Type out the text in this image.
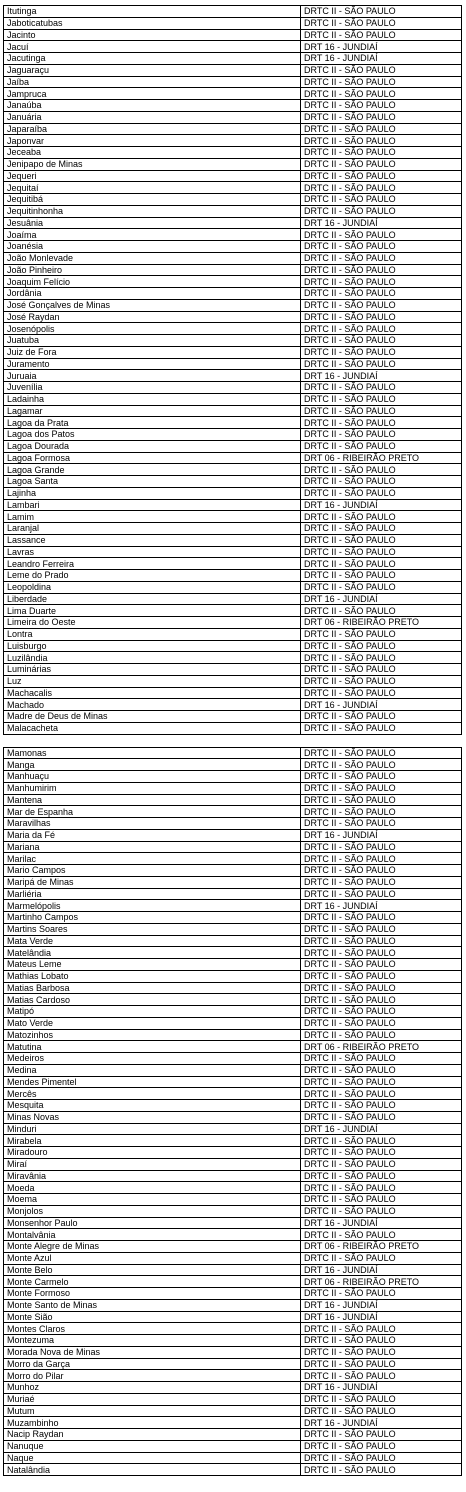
Itutinga	DRTC II - SÃO PAULO
Jaboticatubas	DRTC II - SÃO PAULO
Jacinto	DRTC II - SÃO PAULO
Jacuí	DRT 16 - JUNDIAÍ
Jacutinga	DRT 16 - JUNDIAÍ
Jaguaraçu	DRTC II - SÃO PAULO
Jaíba	DRTC II - SÃO PAULO
Jampruca	DRTC II - SÃO PAULO
Janaúba	DRTC II - SÃO PAULO
Januária	DRTC II - SÃO PAULO
Japaraíba	DRTC II - SÃO PAULO
Japonvar	DRTC II - SÃO PAULO
Jeceaba	DRTC II - SÃO PAULO
Jenipapo de Minas	DRTC II - SÃO PAULO
Jequeri	DRTC II - SÃO PAULO
Jequitaí	DRTC II - SÃO PAULO
Jequitibá	DRTC II - SÃO PAULO
Jequitinhonha	DRTC II - SÃO PAULO
Jesuânia	DRT 16 - JUNDIAÍ
Joaíma	DRTC II - SÃO PAULO
Joanésia	DRTC II - SÃO PAULO
João Monlevade	DRTC II - SÃO PAULO
João Pinheiro	DRTC II - SÃO PAULO
Joaquim Felício	DRTC II - SÃO PAULO
Jordânia	DRTC II - SÃO PAULO
José Gonçalves de Minas	DRTC II - SÃO PAULO
José Raydan	DRTC II - SÃO PAULO
Josenópolis	DRTC II - SÃO PAULO
Juatuba	DRTC II - SÃO PAULO
Juiz de Fora	DRTC II - SÃO PAULO
Juramento	DRTC II - SÃO PAULO
Juruaia	DRT 16 - JUNDIAÍ
Juvenília	DRTC II - SÃO PAULO
Ladainha	DRTC II - SÃO PAULO
Lagamar	DRTC II - SÃO PAULO
Lagoa da Prata	DRTC II - SÃO PAULO
Lagoa dos Patos	DRTC II - SÃO PAULO
Lagoa Dourada	DRTC II - SÃO PAULO
Lagoa Formosa	DRT 06 - RIBEIRÃO PRETO
Lagoa Grande	DRTC II - SÃO PAULO
Lagoa Santa	DRTC II - SÃO PAULO
Lajinha	DRTC II - SÃO PAULO
Lambari	DRT 16 - JUNDIAÍ
Lamim	DRTC II - SÃO PAULO
Laranjal	DRTC II - SÃO PAULO
Lassance	DRTC II - SÃO PAULO
Lavras	DRTC II - SÃO PAULO
Leandro Ferreira	DRTC II - SÃO PAULO
Leme do Prado	DRTC II - SÃO PAULO
Leopoldina	DRTC II - SÃO PAULO
Liberdade	DRT 16 - JUNDIAÍ
Lima Duarte	DRTC II - SÃO PAULO
Limeira do Oeste	DRT 06 - RIBEIRÃO PRETO
Lontra	DRTC II - SÃO PAULO
Luisburgo	DRTC II - SÃO PAULO
Luzilândia	DRTC II - SÃO PAULO
Luminárias	DRTC II - SÃO PAULO
Luz	DRTC II - SÃO PAULO
Machacalis	DRTC II - SÃO PAULO
Machado	DRT 16 - JUNDIAÍ
Madre de Deus de Minas	DRTC II - SÃO PAULO
Malacacheta	DRTC II - SÃO PAULO
Mamonas	DRTC II - SÃO PAULO
Manga	DRTC II - SÃO PAULO
Manhuaçu	DRTC II - SÃO PAULO
Manhumirim	DRTC II - SÃO PAULO
Mantena	DRTC II - SÃO PAULO
Mar de Espanha	DRTC II - SÃO PAULO
Maravilhas	DRTC II - SÃO PAULO
Maria da Fé	DRT 16 - JUNDIAÍ
Mariana	DRTC II - SÃO PAULO
Marilac	DRTC II - SÃO PAULO
Mario Campos	DRTC II - SÃO PAULO
Maripá de Minas	DRTC II - SÃO PAULO
Marliéria	DRTC II - SÃO PAULO
Marmelópolis	DRT 16 - JUNDIAÍ
Martinho Campos	DRTC II - SÃO PAULO
Martins Soares	DRTC II - SÃO PAULO
Mata Verde	DRTC II - SÃO PAULO
Matelândia	DRTC II - SÃO PAULO
Mateus Leme	DRTC II - SÃO PAULO
Mathias Lobato	DRTC II - SÃO PAULO
Matias Barbosa	DRTC II - SÃO PAULO
Matias Cardoso	DRTC II - SÃO PAULO
Matipó	DRTC II - SÃO PAULO
Mato Verde	DRTC II - SÃO PAULO
Matozinhos	DRTC II - SÃO PAULO
Matutina	DRT 06 - RIBEIRÃO PRETO
Medeiros	DRTC II - SÃO PAULO
Medina	DRTC II - SÃO PAULO
Mendes Pimentel	DRTC II - SÃO PAULO
Mercês	DRTC II - SÃO PAULO
Mesquita	DRTC II - SÃO PAULO
Minas Novas	DRTC II - SÃO PAULO
Minduri	DRT 16 - JUNDIAÍ
Mirabela	DRTC II - SÃO PAULO
Miradouro	DRTC II - SÃO PAULO
Miraí	DRTC II - SÃO PAULO
Miravânia	DRTC II - SÃO PAULO
Moeda	DRTC II - SÃO PAULO
Moema	DRTC II - SÃO PAULO
Monjolos	DRTC II - SÃO PAULO
Monsenhor Paulo	DRT 16 - JUNDIAÍ
Montalvânia	DRTC II - SÃO PAULO
Monte Alegre de Minas	DRT 06 - RIBEIRÃO PRETO
Monte Azul	DRTC II - SÃO PAULO
Monte Belo	DRT 16 - JUNDIAÍ
Monte Carmelo	DRT 06 - RIBEIRÃO PRETO
Monte Formoso	DRTC II - SÃO PAULO
Monte Santo de Minas	DRT 16 - JUNDIAÍ
Monte Sião	DRT 16 - JUNDIAÍ
Montes Claros	DRTC II - SÃO PAULO
Montezuma	DRTC II - SÃO PAULO
Morada Nova de Minas	DRTC II - SÃO PAULO
Morro da Garça	DRTC II - SÃO PAULO
Morro do Pilar	DRTC II - SÃO PAULO
Munhoz	DRT 16 - JUNDIAÍ
Muriaé	DRTC II - SÃO PAULO
Mutum	DRTC II - SÃO PAULO
Muzambinho	DRT 16 - JUNDIAÍ
Nacip Raydan	DRTC II - SÃO PAULO
Nanuque	DRTC II - SÃO PAULO
Naque	DRTC II - SÃO PAULO
Natalândia	DRTC II - SÃO PAULO
